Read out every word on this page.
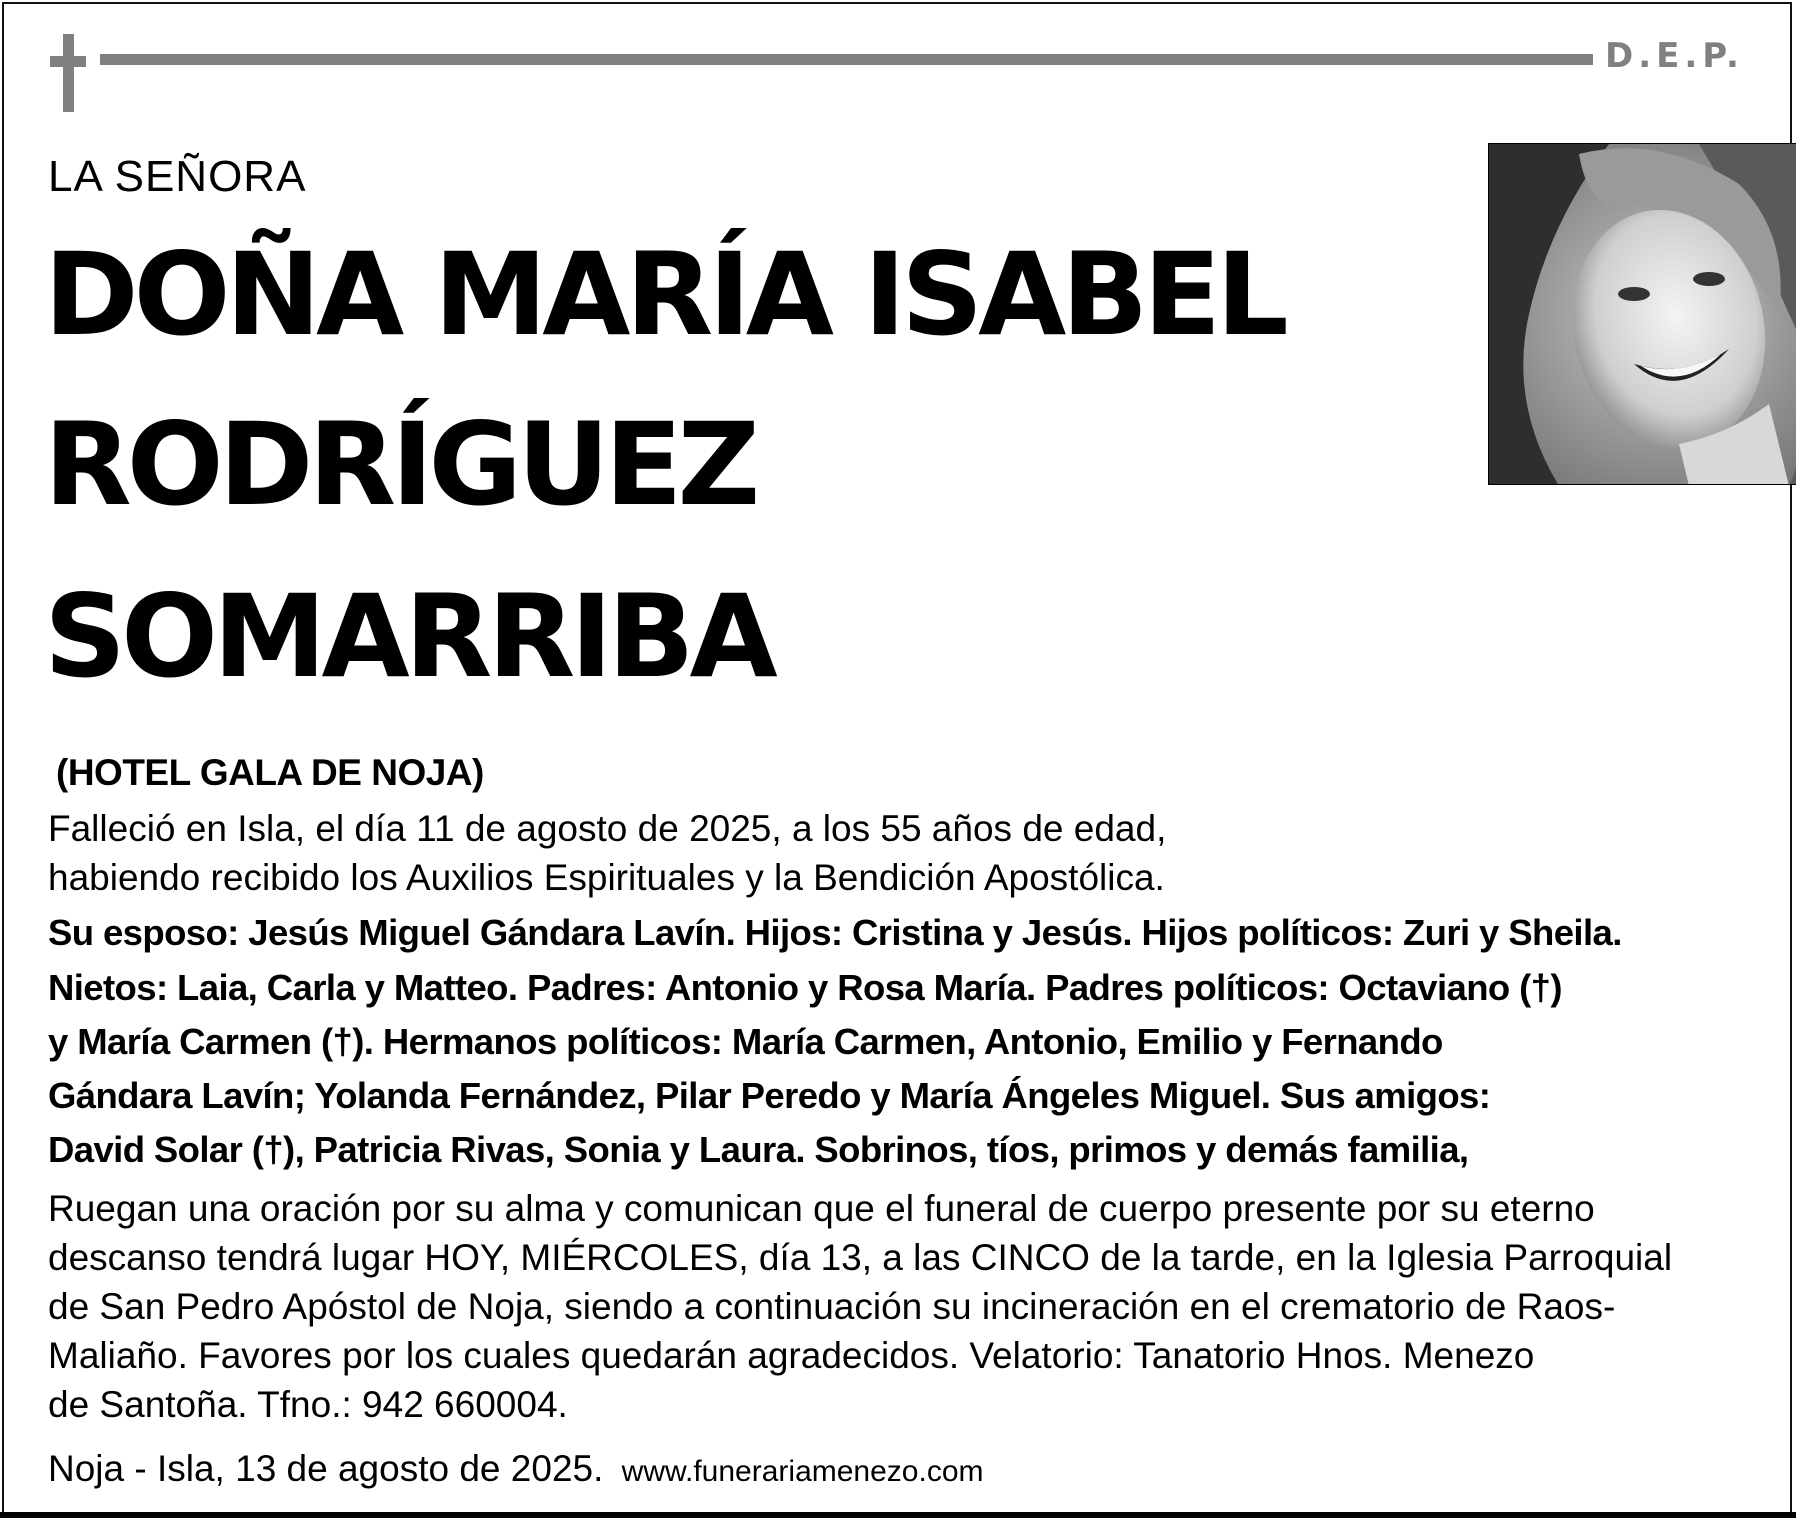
D.E.P.
LA SEÑORA
DOÑA MARÍA ISABEL
RODRÍGUEZ
SOMARRIBA
(HOTEL GALA DE NOJA)
Falleció en Isla, el día 11 de agosto de 2025, a los 55 años de edad,
habiendo recibido los Auxilios Espirituales y la Bendición Apostólica.
Su esposo: Jesús Miguel Gándara Lavín. Hijos: Cristina y Jesús. Hijos políticos: Zuri y Sheila.
Nietos: Laia, Carla y Matteo. Padres: Antonio y Rosa María. Padres políticos: Octaviano (†)
y María Carmen (†). Hermanos políticos: María Carmen, Antonio, Emilio y Fernando
Gándara Lavín; Yolanda Fernández, Pilar Peredo y María Ángeles Miguel. Sus amigos:
David Solar (†), Patricia Rivas, Sonia y Laura. Sobrinos, tíos, primos y demás familia,
Ruegan una oración por su alma y comunican que el funeral de cuerpo presente por su eterno
descanso tendrá lugar HOY, MIÉRCOLES, día 13, a las CINCO de la tarde, en la Iglesia Parroquial
de San Pedro Apóstol de Noja, siendo a continuación su incineración en el crematorio de Raos-
Maliaño. Favores por los cuales quedarán agradecidos. Velatorio: Tanatorio Hnos. Menezo
de Santoña. Tfno.: 942 660004.
Noja - Isla, 13 de agosto de 2025. www.funerariamenezo.com
